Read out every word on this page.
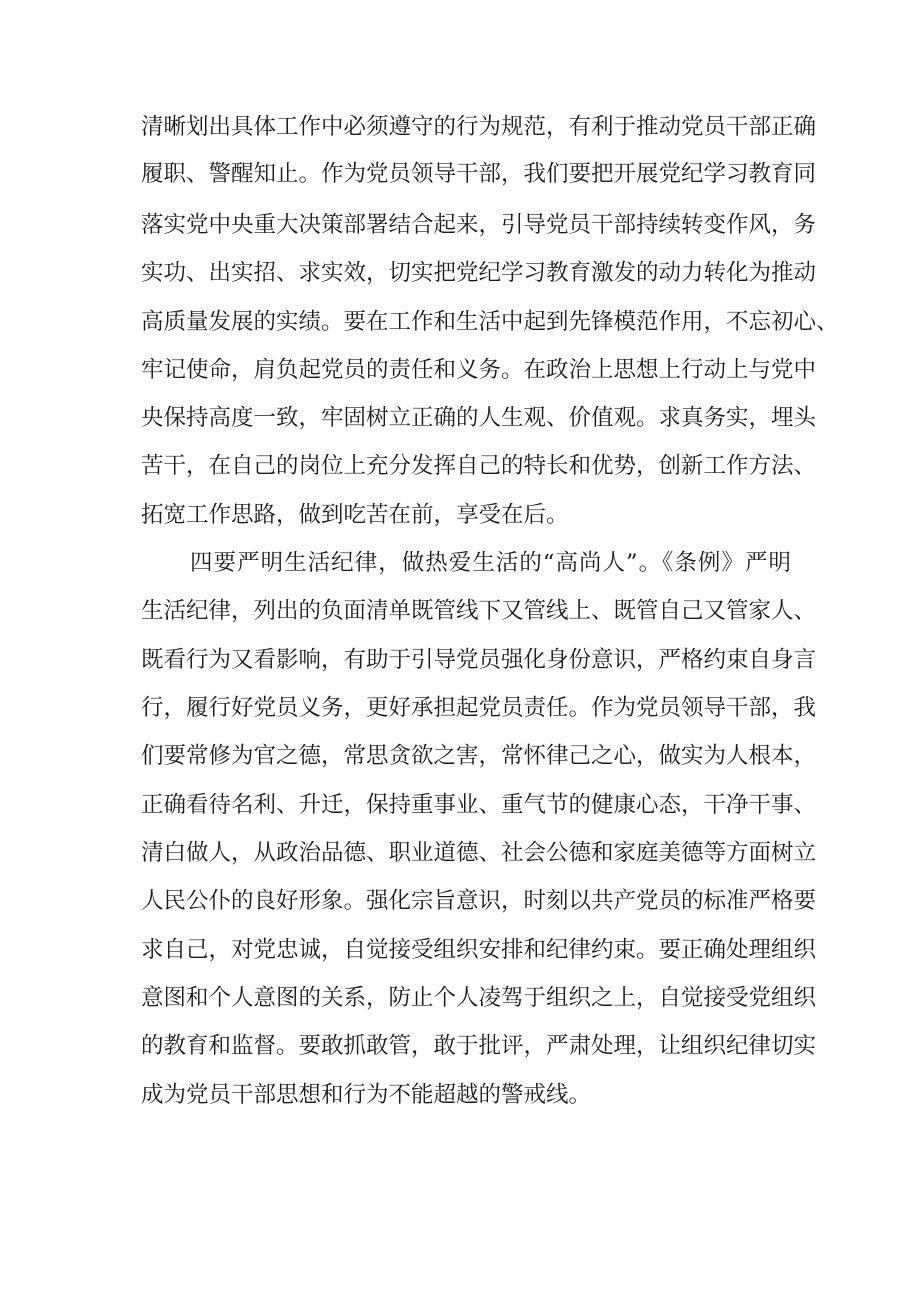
清晰划出具体工作中必须遵守的行为规范，有利于推动党员干部正确
履职、警醒知止。作为党员领导干部，我们要把开展党纪学习教育同
落实党中央重大决策部署结合起来，引导党员干部持续转变作风，务
实功、出实招、求实效，切实把党纪学习教育激发的动力转化为推动
高质量发展的实绩。要在工作和生活中起到先锋模范作用，不忘初心、
牢记使命，肩负起党员的责任和义务。在政治上思想上行动上与党中
央保持高度一致，牢固树立正确的人生观、价值观。求真务实，埋头
苦干，在自己的岗位上充分发挥自己的特长和优势，创新工作方法、
拓宽工作思路，做到吃苦在前，享受在后。
四要严明生活纪律，做热爱生活的“高尚人”。《条例》严明
生活纪律，列出的负面清单既管线下又管线上、既管自己又管家人、
既看行为又看影响，有助于引导党员强化身份意识，严格约束自身言
行，履行好党员义务，更好承担起党员责任。作为党员领导干部，我
们要常修为官之德，常思贪欲之害，常怀律己之心，做实为人根本，
正确看待名利、升迁，保持重事业、重气节的健康心态，干净干事、
清白做人，从政治品德、职业道德、社会公德和家庭美德等方面树立
人民公仆的良好形象。强化宗旨意识，时刻以共产党员的标准严格要
求自己，对党忠诚，自觉接受组织安排和纪律约束。要正确处理组织
意图和个人意图的关系，防止个人凌驾于组织之上，自觉接受党组织
的教育和监督。要敢抓敢管，敢于批评，严肃处理，让组织纪律切实
成为党员干部思想和行为不能超越的警戒线。
